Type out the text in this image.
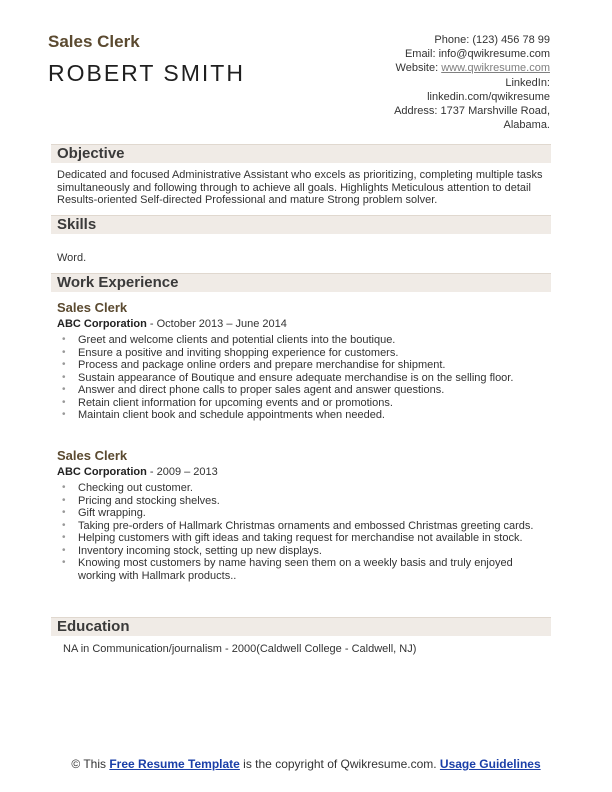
Sales Clerk
ROBERT SMITH
Phone: (123) 456 78 99
Email: info@qwikresume.com
Website: www.qwikresume.com
LinkedIn:
linkedin.com/qwikresume
Address: 1737 Marshville Road,
Alabama.
Objective
Dedicated and focused Administrative Assistant who excels as prioritizing, completing multiple tasks simultaneously and following through to achieve all goals. Highlights Meticulous attention to detail Results-oriented Self-directed Professional and mature Strong problem solver.
Skills
Word.
Work Experience
Sales Clerk
ABC Corporation - October 2013 – June 2014
• Greet and welcome clients and potential clients into the boutique.
• Ensure a positive and inviting shopping experience for customers.
• Process and package online orders and prepare merchandise for shipment.
• Sustain appearance of Boutique and ensure adequate merchandise is on the selling floor.
• Answer and direct phone calls to proper sales agent and answer questions.
• Retain client information for upcoming events and or promotions.
• Maintain client book and schedule appointments when needed.
Sales Clerk
ABC Corporation - 2009 – 2013
• Checking out customer.
• Pricing and stocking shelves.
• Gift wrapping.
• Taking pre-orders of Hallmark Christmas ornaments and embossed Christmas greeting cards.
• Helping customers with gift ideas and taking request for merchandise not available in stock.
• Inventory incoming stock, setting up new displays.
• Knowing most customers by name having seen them on a weekly basis and truly enjoyed working with Hallmark products..
Education
NA in Communication/journalism - 2000(Caldwell College - Caldwell, NJ)
© This Free Resume Template is the copyright of Qwikresume.com. Usage Guidelines
